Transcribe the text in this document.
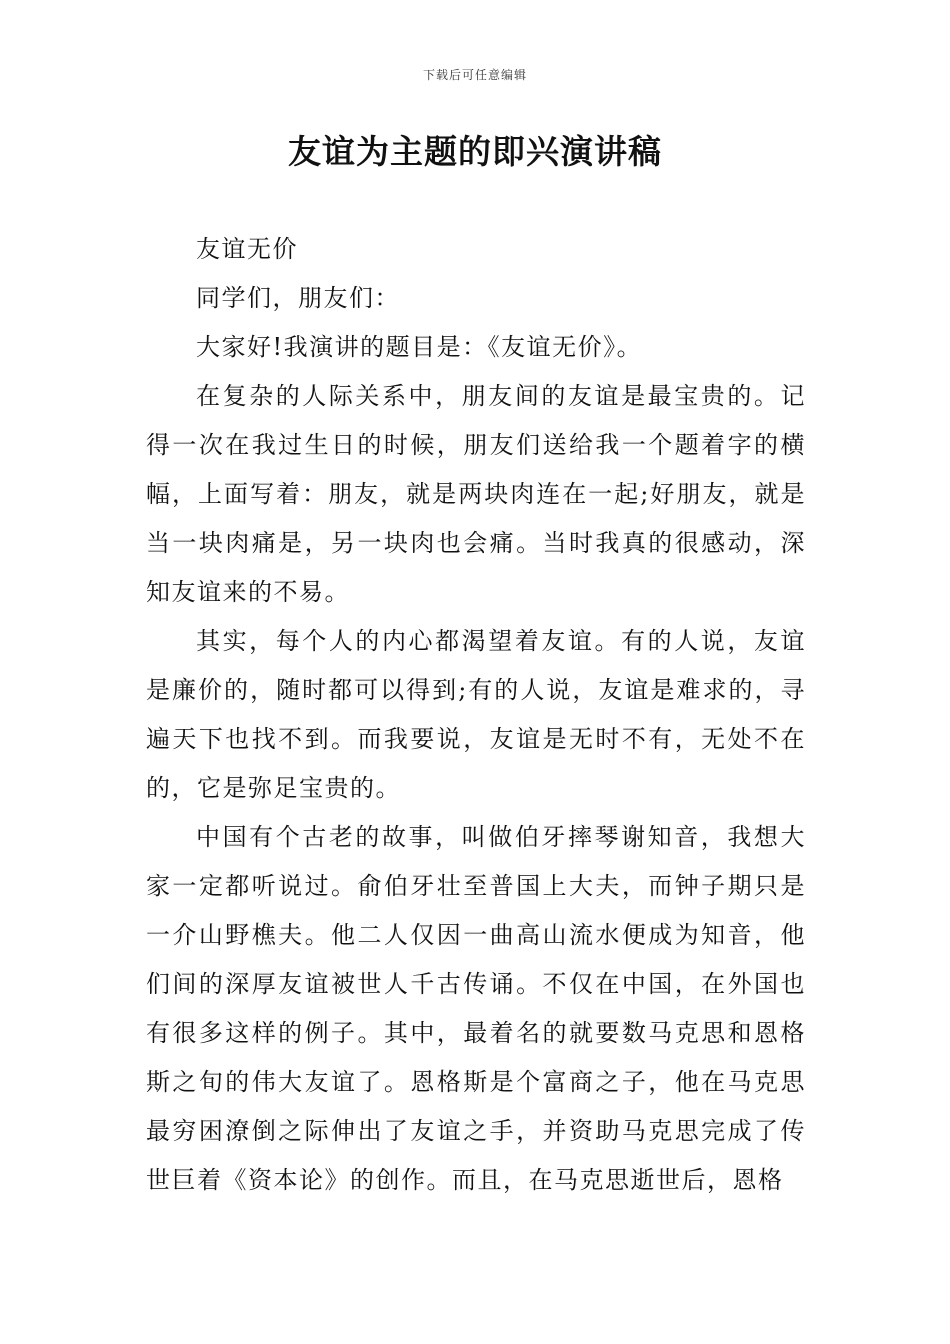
下载后可任意编辑
友谊为主题的即兴演讲稿

友谊无价

同学们，朋友们：

大家好!我演讲的题目是：《友谊无价》。

在复杂的人际关系中，朋友间的友谊是最宝贵的。记得一次在我过生日的时候，朋友们送给我一个题着字的横幅，上面写着：朋友，就是两块肉连在一起;好朋友，就是当一块肉痛是，另一块肉也会痛。当时我真的很感动，深知友谊来的不易。

其实，每个人的内心都渴望着友谊。有的人说，友谊是廉价的，随时都可以得到;有的人说，友谊是难求的，寻遍天下也找不到。而我要说，友谊是无时不有，无处不在的，它是弥足宝贵的。

中国有个古老的故事，叫做伯牙摔琴谢知音，我想大家一定都听说过。俞伯牙壮至普国上大夫，而钟子期只是一介山野樵夫。他二人仅因一曲高山流水便成为知音，他们间的深厚友谊被世人千古传诵。不仅在中国，在外国也有很多这样的例子。其中，最着名的就要数马克思和恩格斯之旬的伟大友谊了。恩格斯是个富商之子，他在马克思最穷困潦倒之际伸出了友谊之手，并资助马克思完成了传世巨着《资本论》的创作。而且，在马克思逝世后，恩格
